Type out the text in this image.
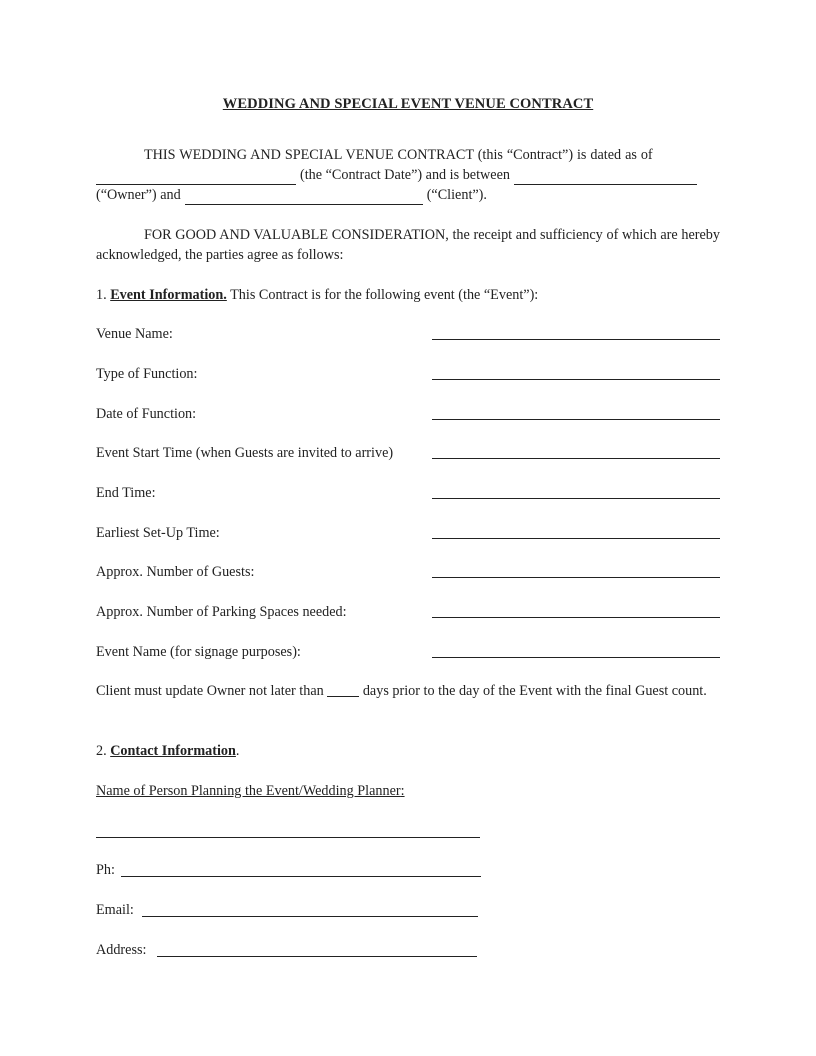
WEDDING AND SPECIAL EVENT VENUE CONTRACT
THIS WEDDING AND SPECIAL VENUE CONTRACT (this “Contract”) is dated as of
(the “Contract Date”) and is between
(“Owner”) and	(“Client”).
FOR GOOD AND VALUABLE CONSIDERATION, the receipt and sufficiency of which are hereby acknowledged, the parties agree as follows:
1. Event Information. This Contract is for the following event (the “Event”):
Venue Name:
Type of Function:
Date of Function:
Event Start Time (when Guests are invited to arrive)
End Time:
Earliest Set-Up Time:
Approx. Number of Guests:
Approx. Number of Parking Spaces needed:
Event Name (for signage purposes):
Client must update Owner not later than	days prior to the day of the Event with the final Guest count.
2. Contact Information.
Name of Person Planning the Event/Wedding Planner:
Ph:
Email:
Address:
